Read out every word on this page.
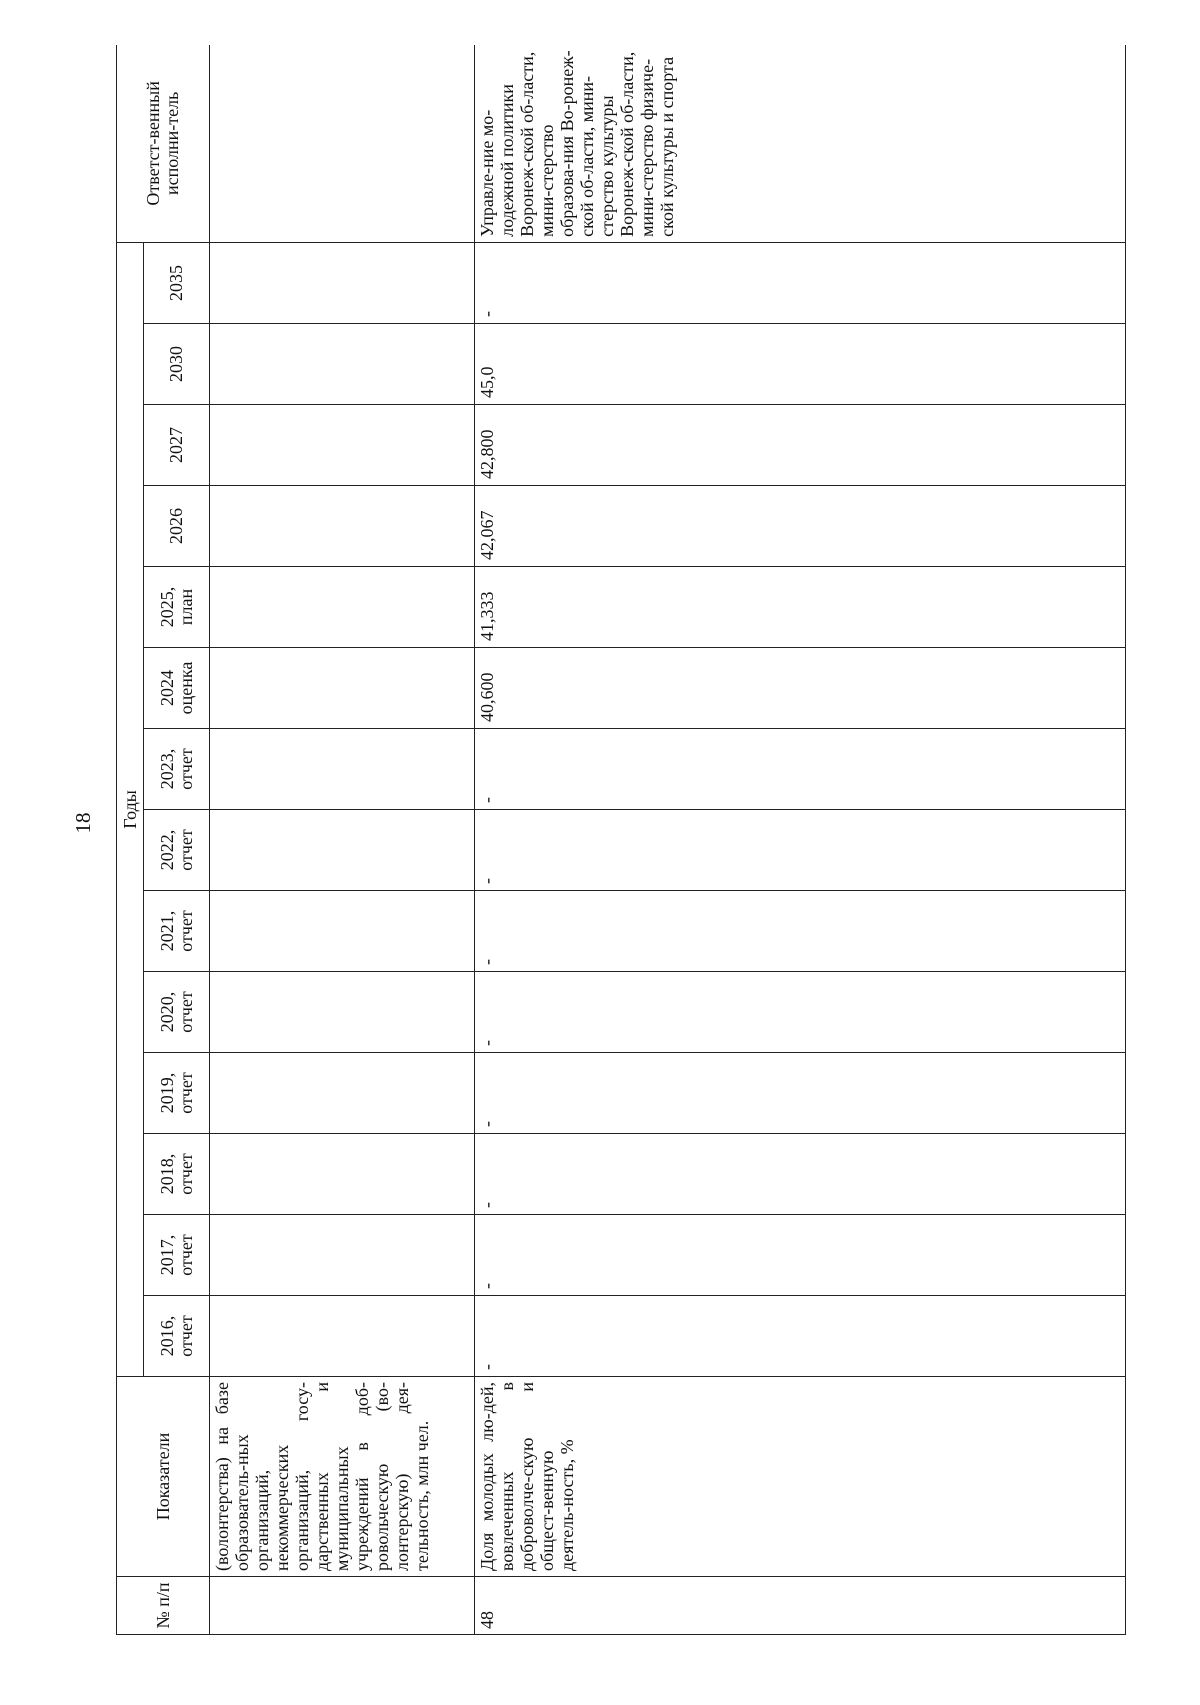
18
№ п/п	Показатели	Годы														Ответст-венный исполни-тель
		2016, отчет	2017, отчет	2018, отчет	2019, отчет	2020, отчет	2021, отчет	2022, отчет	2023, отчет	2024 оценка	2025, план	2026	2027	2030	2035	
	(волонтерства) на базе образователь-ных организаций, некоммерческих организаций, госу-дарственных и муниципальных учреждений в доб-ровольческую (во-лонтерскую) дея-тельность, млн чел.															
48	Доля молодых лю-дей, вовлеченных в доброволче-скую и общест-венную деятель-ность, %	-	-	-	-	-	-	-	-	40,600	41,333	42,067	42,800	45,0	-	Управле-ние мо-лодежной политики Воронеж-ской об-ласти, мини-стерство образова-ния Во-ронеж-ской об-ласти, мини-стерство культуры Воронеж-ской об-ласти, мини-стерство физиче-ской культуры и спорта
